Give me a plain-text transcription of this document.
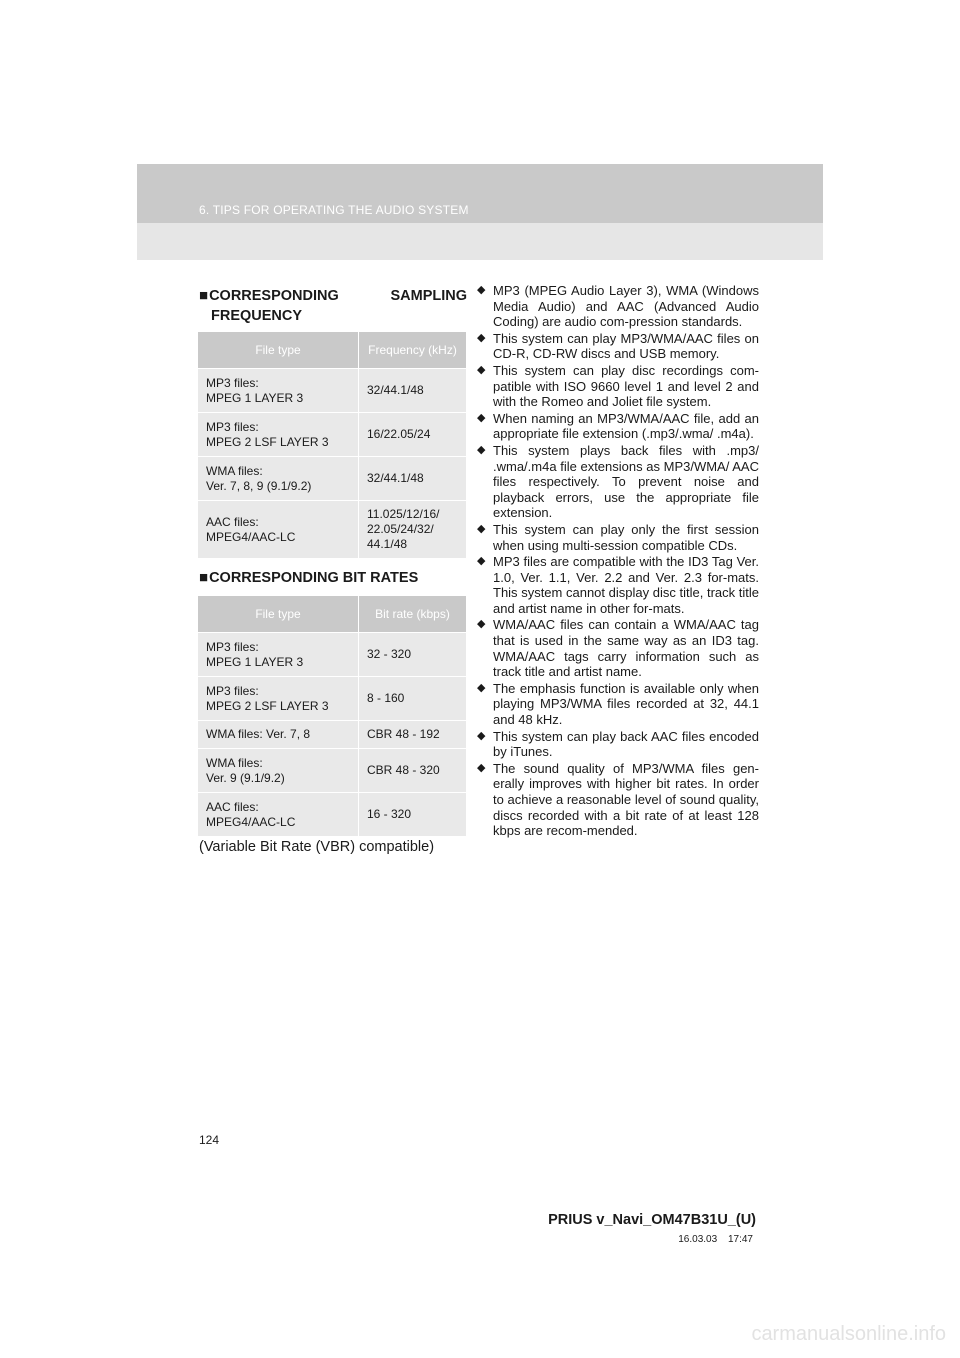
6. TIPS FOR OPERATING THE AUDIO SYSTEM
■CORRESPONDING	SAMPLING
FREQUENCY
File type	Frequency (kHz)
MP3 files:
MPEG 1 LAYER 3	32/44.1/48
MP3 files:
MPEG 2 LSF LAYER 3	16/22.05/24
WMA files:
Ver. 7, 8, 9 (9.1/9.2)	32/44.1/48
AAC files:
MPEG4/AAC-LC	11.025/12/16/
22.05/24/32/
44.1/48
■CORRESPONDING BIT RATES
File type	Bit rate (kbps)
MP3 files:
MPEG 1 LAYER 3	32 - 320
MP3 files:
MPEG 2 LSF LAYER 3	8 - 160
WMA files: Ver. 7, 8	CBR 48 - 192
WMA files:
Ver. 9 (9.1/9.2)	CBR 48 - 320
AAC files:
MPEG4/AAC-LC	16 - 320
(Variable Bit Rate (VBR) compatible)
◆ MP3 (MPEG Audio Layer 3), WMA (Windows Media Audio) and AAC (Advanced Audio Coding) are audio com-pression standards.
◆ This system can play MP3/WMA/AAC files on CD-R, CD-RW discs and USB memory.
◆ This system can play disc recordings com-patible with ISO 9660 level 1 and level 2 and with the Romeo and Joliet file system.
◆ When naming an MP3/WMA/AAC file, add an appropriate file extension (.mp3/.wma/ .m4a).
◆ This system plays back files with .mp3/ .wma/.m4a file extensions as MP3/WMA/ AAC files respectively. To prevent noise and playback errors, use the appropriate file extension.
◆ This system can play only the first session when using multi-session compatible CDs.
◆ MP3 files are compatible with the ID3 Tag Ver. 1.0, Ver. 1.1, Ver. 2.2 and Ver. 2.3 for-mats. This system cannot display disc title, track title and artist name in other for-mats.
◆ WMA/AAC files can contain a WMA/AAC tag that is used in the same way as an ID3 tag. WMA/AAC tags carry information such as track title and artist name.
◆ The emphasis function is available only when playing MP3/WMA files recorded at 32, 44.1 and 48 kHz.
◆ This system can play back AAC files encoded by iTunes.
◆ The sound quality of MP3/WMA files gen-erally improves with higher bit rates. In order to achieve a reasonable level of sound quality, discs recorded with a bit rate of at least 128 kbps are recom-mended.
124
PRIUS v_Navi_OM47B31U_(U)
16.03.03 17:47
carmanualsonline.info
